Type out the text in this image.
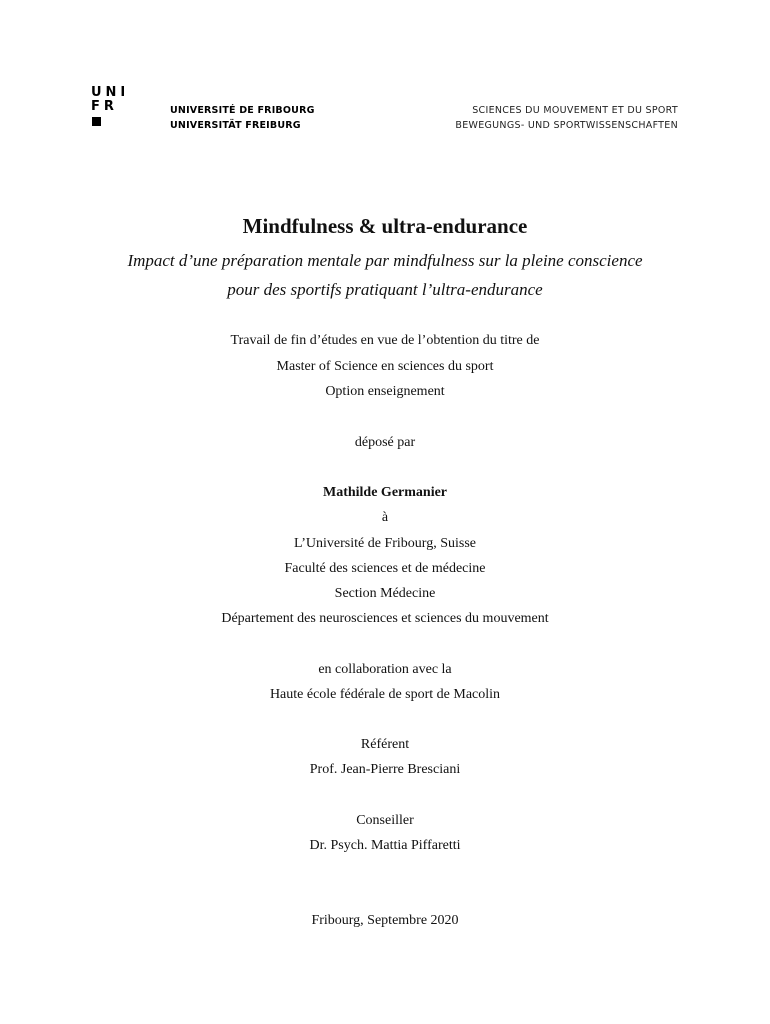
UNI
FR	UNIVERSITÉ DE FRIBOURG
UNIVERSITÄT FREIBURG
SCIENCES DU MOUVEMENT ET DU SPORT
BEWEGUNGS- UND SPORTWISSENSCHAFTEN
Mindfulness & ultra-endurance
Impact d’une préparation mentale par mindfulness sur la pleine conscience
pour des sportifs pratiquant l’ultra-endurance
Travail de fin d’études en vue de l’obtention du titre de
Master of Science en sciences du sport
Option enseignement
déposé par
Mathilde Germanier
à
L’Université de Fribourg, Suisse
Faculté des sciences et de médecine
Section Médecine
Département des neurosciences et sciences du mouvement
en collaboration avec la
Haute école fédérale de sport de Macolin
Référent
Prof. Jean-Pierre Bresciani
Conseiller
Dr. Psych. Mattia Piffaretti
Fribourg, Septembre 2020
